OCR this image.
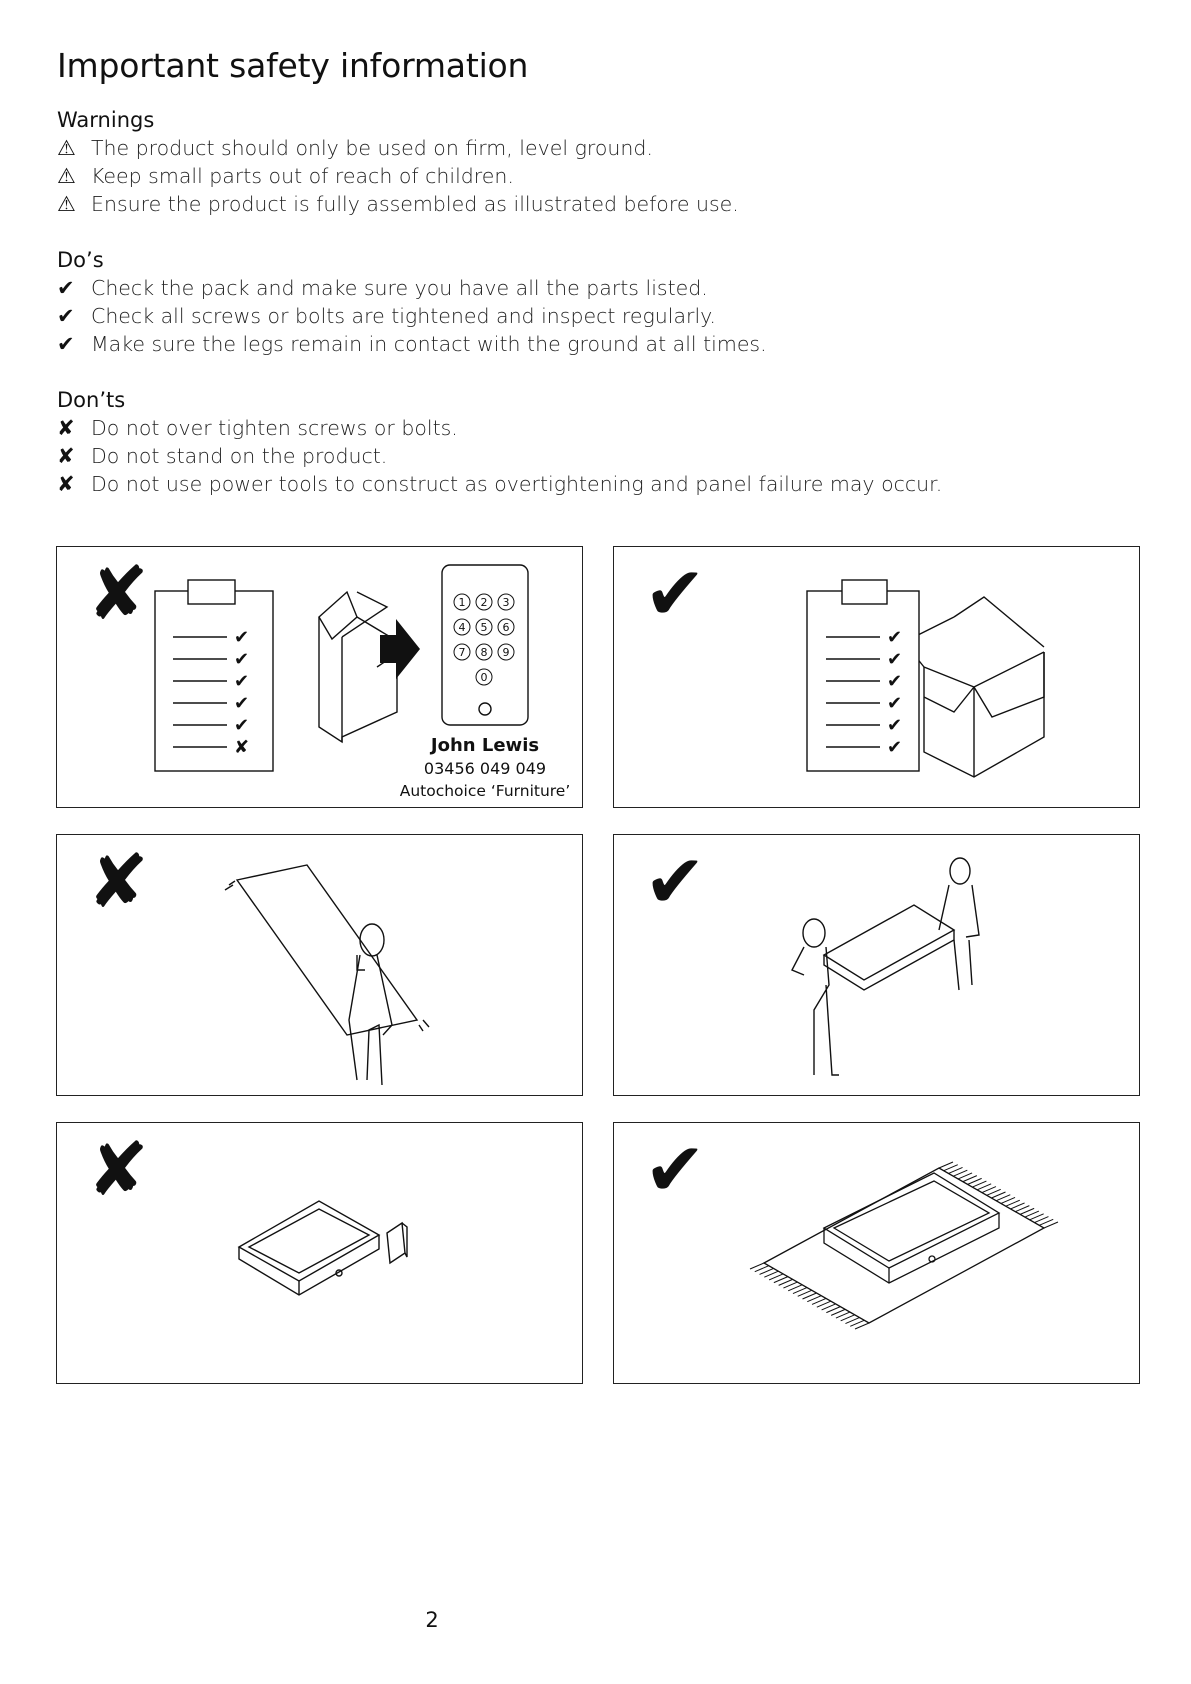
Important safety information
Warnings
⚠ The product should only be used on firm, level ground.
⚠ Keep small parts out of reach of children.
⚠ Ensure the product is fully assembled as illustrated before use.
Do’s
✔ Check the pack and make sure you have all the parts listed.
✔ Check all screws or bolts are tightened and inspect regularly.
✔ Make sure the legs remain in contact with the ground at all times.
Don’ts
✘ Do not over tighten screws or bolts.
✘ Do not stand on the product.
✘ Do not use power tools to construct as overtightening and panel failure may occur.
✘
✔
✔
✔
✔
✔
✘
1 2 3
4 5 6
7 8 9
0
John Lewis
03456 049 049
Autochoice ‘Furniture’
✔
✔
✔
✔
✔
✔
✔
✘	✔
✘	✔
2
